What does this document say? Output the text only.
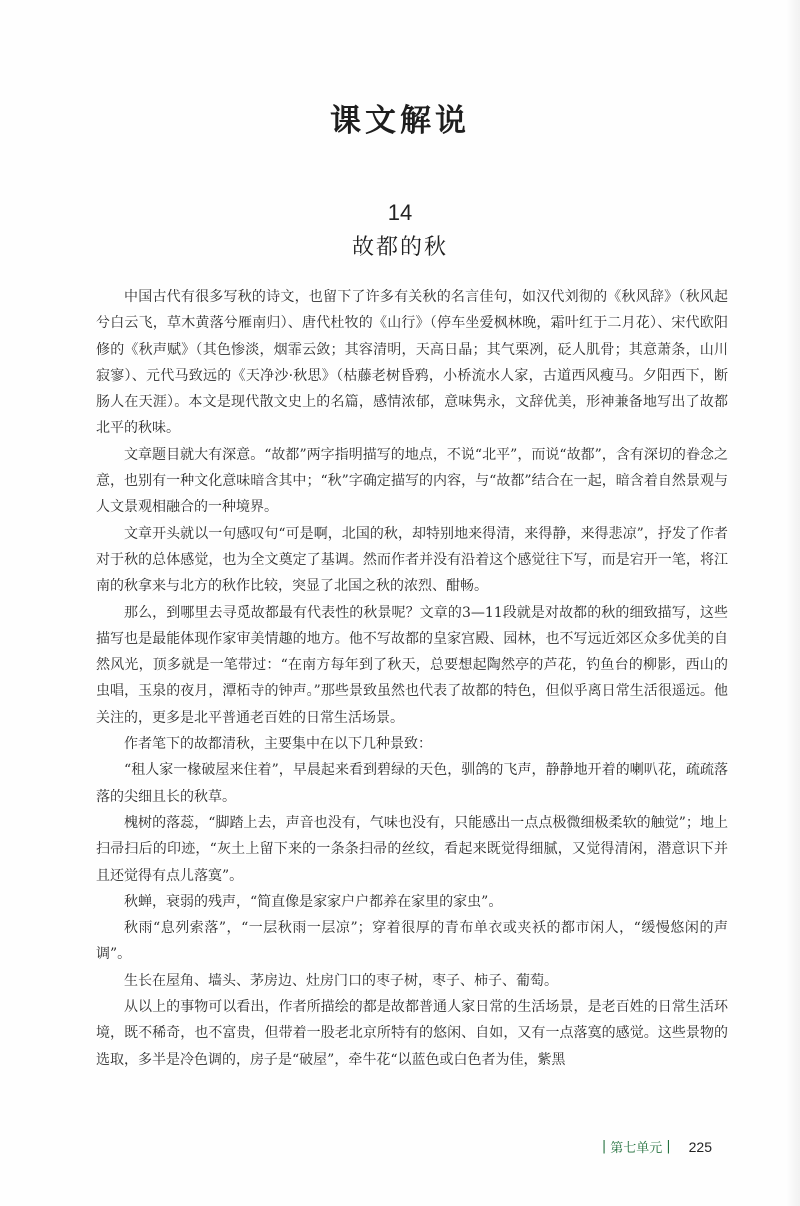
课文解说
14
故都的秋

中国古代有很多写秋的诗文，也留下了许多有关秋的名言佳句，如汉代刘彻的《秋风辞》（秋风起兮白云飞，草木黄落兮雁南归）、唐代杜牧的《山行》（停车坐爱枫林晚，霜叶红于二月花）、宋代欧阳修的《秋声赋》（其色惨淡，烟霏云敛；其容清明，天高日晶；其气栗冽，砭人肌骨；其意萧条，山川寂寥）、元代马致远的《天净沙·秋思》（枯藤老树昏鸦，小桥流水人家，古道西风瘦马。夕阳西下，断肠人在天涯）。本文是现代散文史上的名篇，感情浓郁，意味隽永，文辞优美，形神兼备地写出了故都北平的秋味。

文章题目就大有深意。“故都”两字指明描写的地点，不说“北平”，而说“故都”，含有深切的眷念之意，也别有一种文化意味暗含其中；“秋”字确定描写的内容，与“故都”结合在一起，暗含着自然景观与人文景观相融合的一种境界。

文章开头就以一句感叹句“可是啊，北国的秋，却特别地来得清，来得静，来得悲凉”，抒发了作者对于秋的总体感觉，也为全文奠定了基调。然而作者并没有沿着这个感觉往下写，而是宕开一笔，将江南的秋拿来与北方的秋作比较，突显了北国之秋的浓烈、酣畅。

那么，到哪里去寻觅故都最有代表性的秋景呢？文章的3—11段就是对故都的秋的细致描写，这些描写也是最能体现作家审美情趣的地方。他不写故都的皇家宫殿、园林，也不写远近郊区众多优美的自然风光，顶多就是一笔带过：“在南方每年到了秋天，总要想起陶然亭的芦花，钓鱼台的柳影，西山的虫唱，玉泉的夜月，潭柘寺的钟声。”那些景致虽然也代表了故都的特色，但似乎离日常生活很遥远。他关注的，更多是北平普通老百姓的日常生活场景。

作者笔下的故都清秋，主要集中在以下几种景致：

“租人家一椽破屋来住着”，早晨起来看到碧绿的天色，驯鸽的飞声，静静地开着的喇叭花，疏疏落落的尖细且长的秋草。

槐树的落蕊，“脚踏上去，声音也没有，气味也没有，只能感出一点点极微细极柔软的触觉”；地上扫帚扫后的印迹，“灰土上留下来的一条条扫帚的丝纹，看起来既觉得细腻，又觉得清闲，潜意识下并且还觉得有点儿落寞”。

秋蝉，衰弱的残声，“简直像是家家户户都养在家里的家虫”。

秋雨“息列索落”，“一层秋雨一层凉”；穿着很厚的青布单衣或夹袄的都市闲人，“缓慢悠闲的声调”。

生长在屋角、墙头、茅房边、灶房门口的枣子树，枣子、柿子、葡萄。

从以上的事物可以看出，作者所描绘的都是故都普通人家日常的生活场景，是老百姓的日常生活环境，既不稀奇，也不富贵，但带着一股老北京所特有的悠闲、自如，又有一点落寞的感觉。这些景物的选取，多半是冷色调的，房子是“破屋”，牵牛花“以蓝色或白色者为佳，紫黑

| 第七单元 | 225
